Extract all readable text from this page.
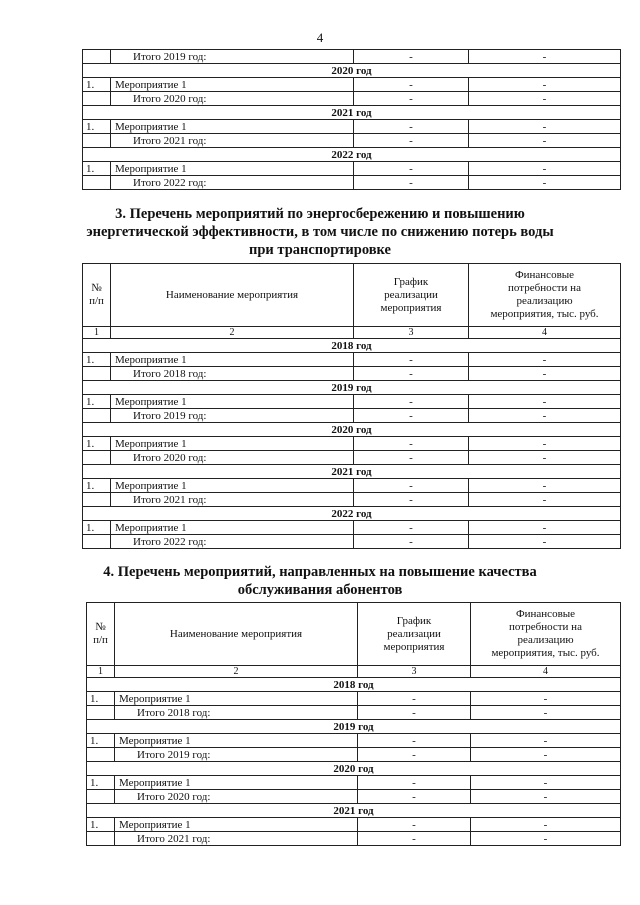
4
	Итого 2019 год:	-	-
2020 год			
1.	Мероприятие 1	-	-
	Итого 2020 год:	-	-
2021 год			
1.	Мероприятие 1	-	-
	Итого 2021 год:	-	-
2022 год			
1.	Мероприятие 1	-	-
	Итого 2022 год:	-	-
3. Перечень мероприятий по энергосбережению и повышению
энергетической эффективности, в том числе по снижению потерь воды
при транспортировке
№
п/п	Наименование мероприятия	График
реализации
мероприятия	Финансовые
потребности на
реализацию
мероприятия, тыс. руб.
1	2	3	4
2018 год			
1.	Мероприятие 1	-	-
	Итого 2018 год:	-	-
2019 год			
1.	Мероприятие 1	-	-
	Итого 2019 год:	-	-
2020 год			
1.	Мероприятие 1	-	-
	Итого 2020 год:	-	-
2021 год			
1.	Мероприятие 1	-	-
	Итого 2021 год:	-	-
2022 год			
1.	Мероприятие 1	-	-
	Итого 2022 год:	-	-
4. Перечень мероприятий, направленных на повышение качества
обслуживания абонентов
№
п/п	Наименование мероприятия	График
реализации
мероприятия	Финансовые
потребности на
реализацию
мероприятия, тыс. руб.
1	2	3	4
2018 год			
1.	Мероприятие 1	-	-
	Итого 2018 год:	-	-
2019 год			
1.	Мероприятие 1	-	-
	Итого 2019 год:	-	-
2020 год			
1.	Мероприятие 1	-	-
	Итого 2020 год:	-	-
2021 год			
1.	Мероприятие 1	-	-
	Итого 2021 год:	-	-
